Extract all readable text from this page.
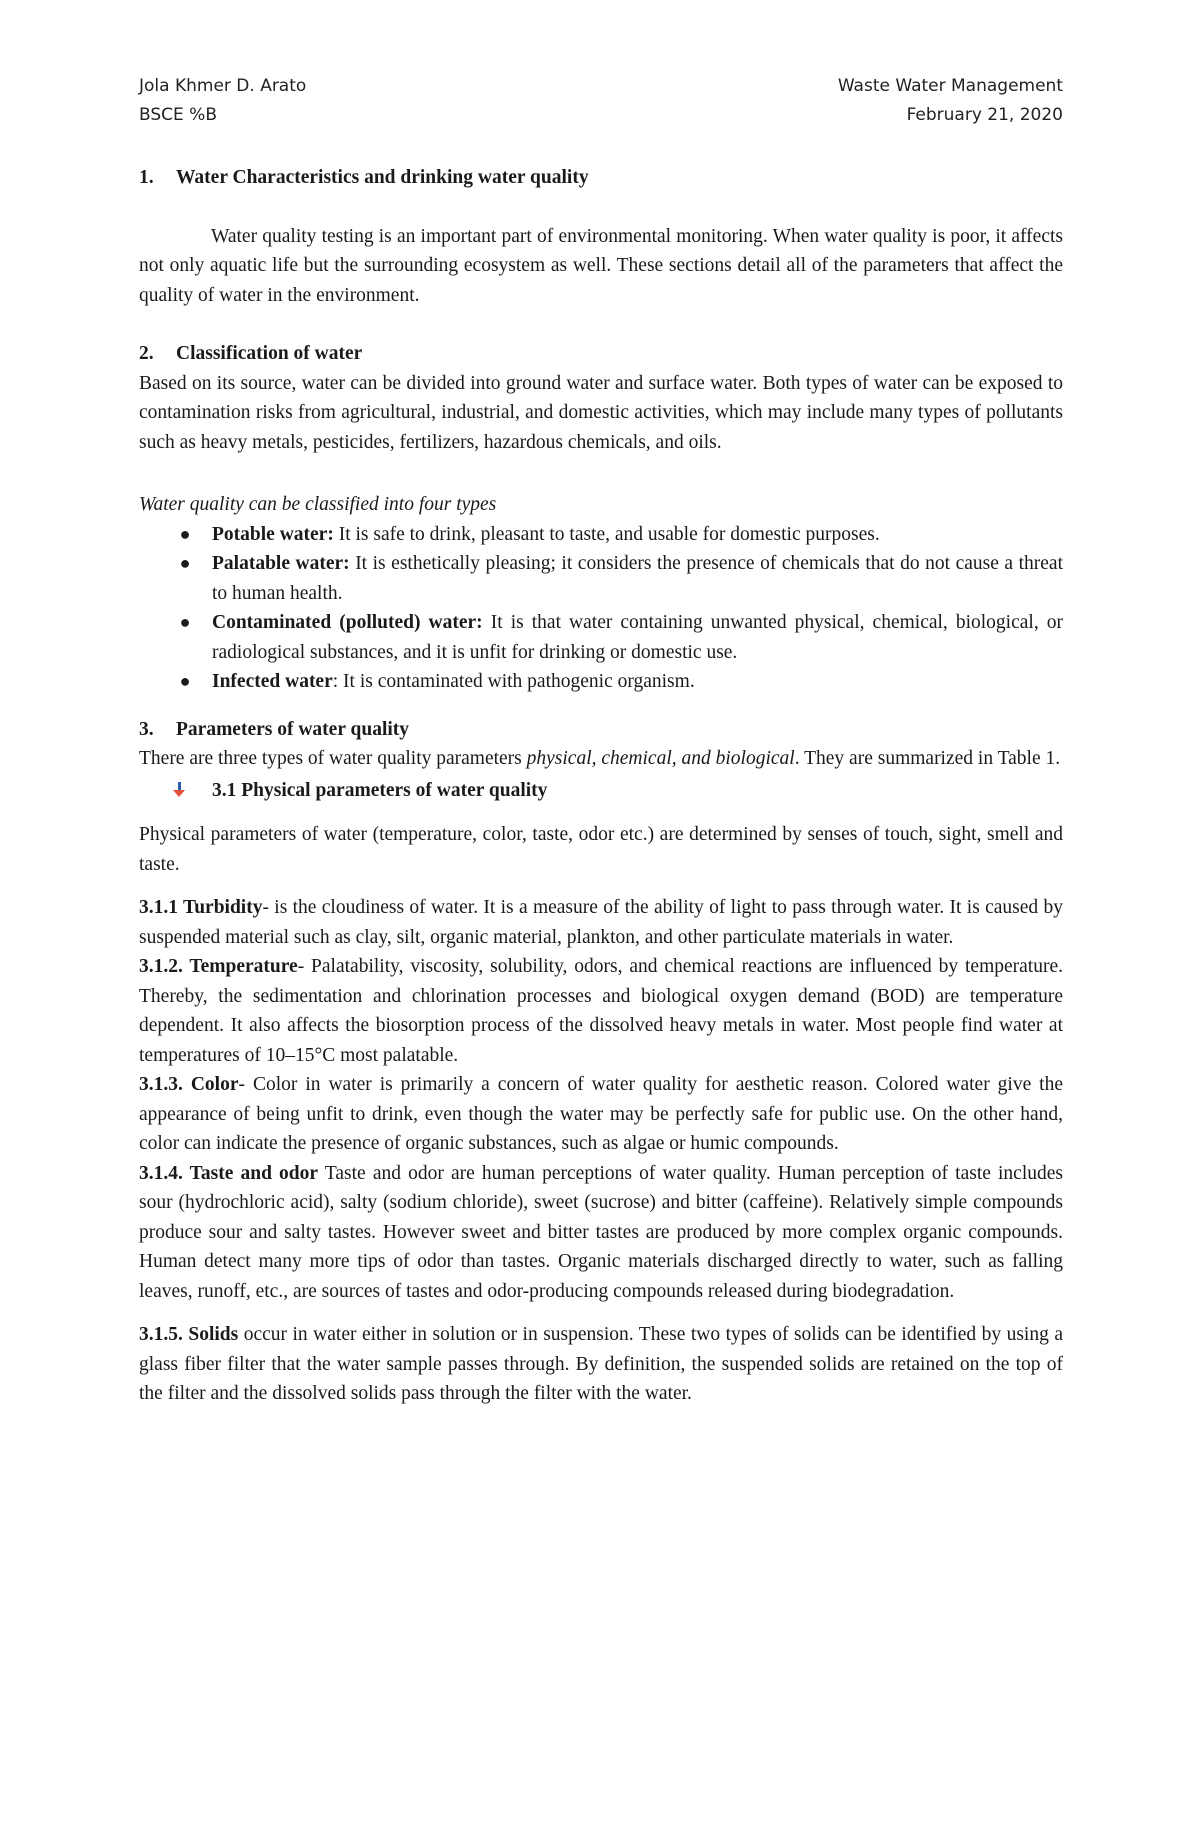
Jola Khmer D. Arato
BSCE %B
Waste Water Management
February 21, 2020
1.	Water Characteristics and drinking water quality

Water quality testing is an important part of environmental monitoring. When water quality is poor, it affects not only aquatic life but the surrounding ecosystem as well. These sections detail all of the parameters that affect the quality of water in the environment.

2.	Classification of water

Based on its source, water can be divided into ground water and surface water. Both types of water can be exposed to contamination risks from agricultural, industrial, and domestic activities, which may include many types of pollutants such as heavy metals, pesticides, fertilizers, hazardous chemicals, and oils.

Water quality can be classified into four types

● Potable water: It is safe to drink, pleasant to taste, and usable for domestic purposes.
● Palatable water: It is esthetically pleasing; it considers the presence of chemicals that do not cause a threat to human health.
● Contaminated (polluted) water: It is that water containing unwanted physical, chemical, biological, or radiological substances, and it is unfit for drinking or domestic use.
● Infected water: It is contaminated with pathogenic organism.
3.	Parameters of water quality

There are three types of water quality parameters physical, chemical, and biological. They are summarized in Table 1.

3.1 Physical parameters of water quality

Physical parameters of water (temperature, color, taste, odor etc.) are determined by senses of touch, sight, smell and taste.

3.1.1 Turbidity- is the cloudiness of water. It is a measure of the ability of light to pass through water. It is caused by suspended material such as clay, silt, organic material, plankton, and other particulate materials in water.

3.1.2. Temperature- Palatability, viscosity, solubility, odors, and chemical reactions are influenced by temperature. Thereby, the sedimentation and chlorination processes and biological oxygen demand (BOD) are temperature dependent. It also affects the biosorption process of the dissolved heavy metals in water. Most people find water at temperatures of 10–15°C most palatable.

3.1.3. Color- Color in water is primarily a concern of water quality for aesthetic reason. Colored water give the appearance of being unfit to drink, even though the water may be perfectly safe for public use. On the other hand, color can indicate the presence of organic substances, such as algae or humic compounds.

3.1.4. Taste and odor Taste and odor are human perceptions of water quality. Human perception of taste includes sour (hydrochloric acid), salty (sodium chloride), sweet (sucrose) and bitter (caffeine). Relatively simple compounds produce sour and salty tastes. However sweet and bitter tastes are produced by more complex organic compounds. Human detect many more tips of odor than tastes. Organic materials discharged directly to water, such as falling leaves, runoff, etc., are sources of tastes and odor-producing compounds released during biodegradation.

3.1.5. Solids occur in water either in solution or in suspension. These two types of solids can be identified by using a glass fiber filter that the water sample passes through. By definition, the suspended solids are retained on the top of the filter and the dissolved solids pass through the filter with the water.
